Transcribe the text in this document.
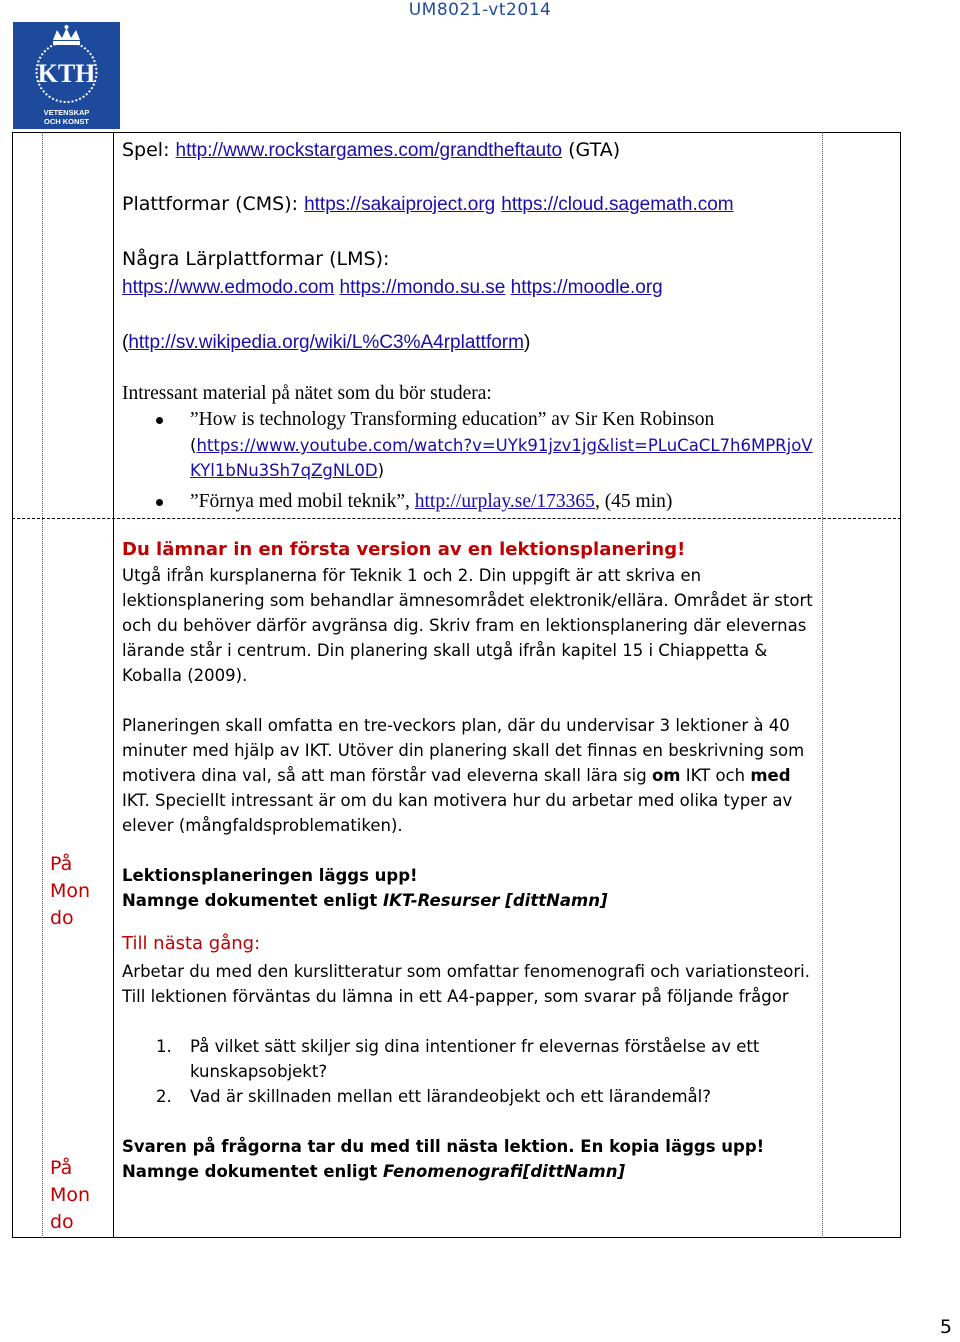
UM8021-vt2014
KTH
VETENSKAP
OCH KONST
På
Mon
do
På
Mon
do
Spel: http://www.rockstargames.com/grandtheftauto (GTA)
Plattformar (CMS): https://sakaiproject.org https://cloud.sagemath.com
Några Lärplattformar (LMS):
https://www.edmodo.com https://mondo.su.se https://moodle.org
(http://sv.wikipedia.org/wiki/L%C3%A4rplattform)
Intressant material på nätet som du bör studera:
”How is technology Transforming education” av Sir Ken Robinson
(https://www.youtube.com/watch?v=UYk91jzv1jg&list=PLuCaCL7h6MPRjoVKYl1bNu3Sh7qZgNL0D)
”Förnya med mobil teknik”, http://urplay.se/173365, (45 min)

Du lämnar in en första version av en lektionsplanering!

Utgå ifrån kursplanerna för Teknik 1 och 2. Din uppgift är att skriva en lektionsplanering som behandlar ämnesområdet elektronik/ellära. Området är stort och du behöver därför avgränsa dig. Skriv fram en lektionsplanering där elevernas lärande står i centrum. Din planering skall utgå ifrån kapitel 15 i Chiappetta & Koballa (2009).

Planeringen skall omfatta en tre-veckors plan, där du undervisar 3 lektioner à 40 minuter med hjälp av IKT. Utöver din planering skall det finnas en beskrivning som motivera dina val, så att man förstår vad eleverna skall lära sig om IKT och med IKT. Speciellt intressant är om du kan motivera hur du arbetar med olika typer av elever (mångfaldsproblematiken).

Lektionsplaneringen läggs upp!

Namnge dokumentet enligt IKT-Resurser [dittNamn]

Till nästa gång:

Arbetar du med den kurslitteratur som omfattar fenomenografi och variationsteori. Till lektionen förväntas du lämna in ett A4-papper, som svarar på följande frågor

1. På vilket sätt skiljer sig dina intentioner fr elevernas förståelse av ett kunskapsobjekt?
2. Vad är skillnaden mellan ett lärandeobjekt och ett lärandemål?

Svaren på frågorna tar du med till nästa lektion. En kopia läggs upp!

Namnge dokumentet enligt Fenomenografi[dittNamn]

5
